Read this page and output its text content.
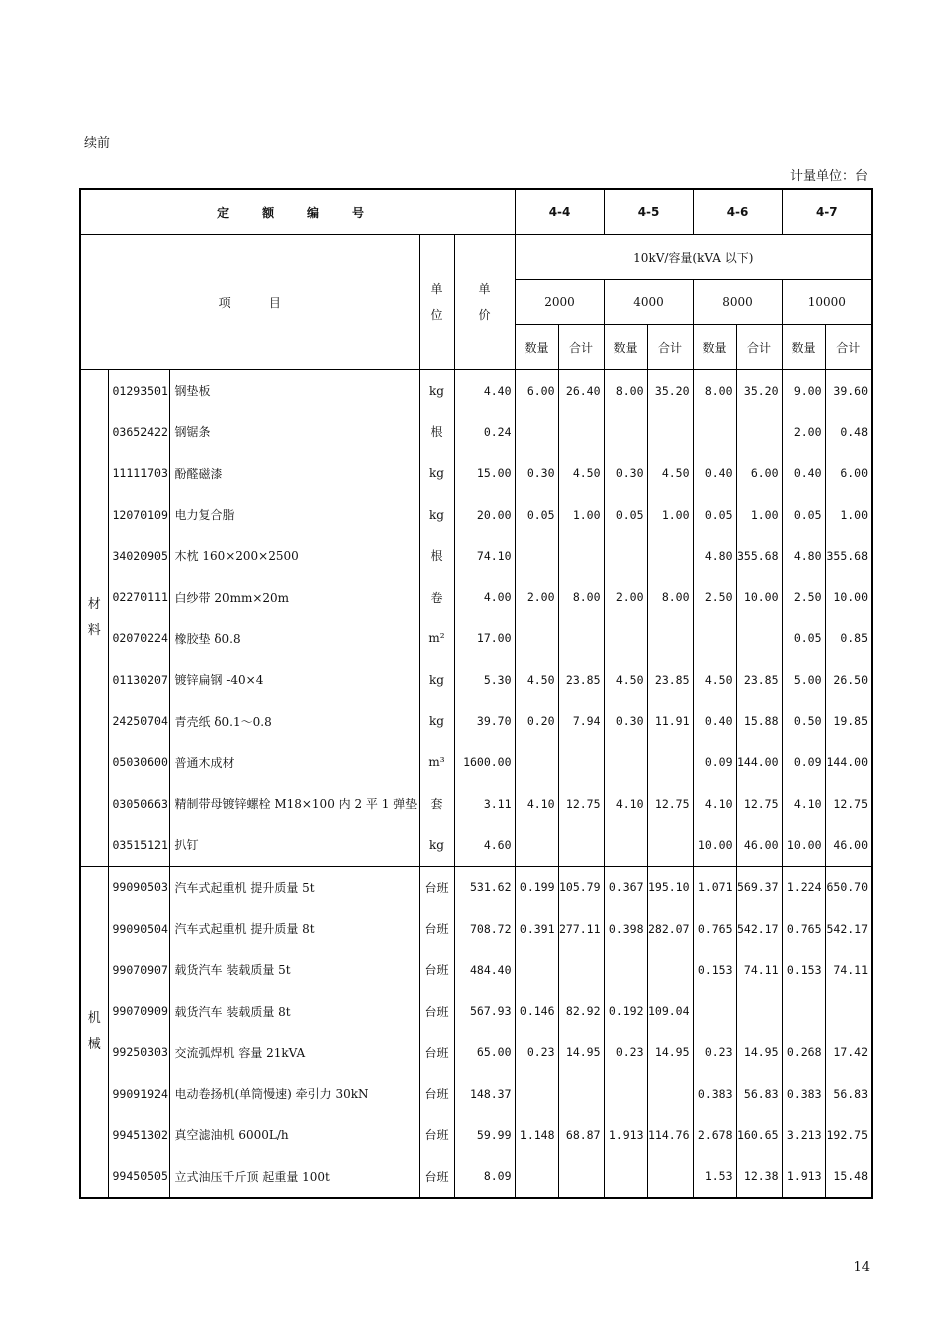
续前
计量单位：台
定 额 编 号					4-4		4-5		4-6		4-7	
项          目			单位	单价	10kV/容量(kVA 以下)							
					2000		4000		8000		10000	
					数量	合计	数量	合计	数量	合计	数量	合计

材料	01293501	钢垫板	kg	4.40	6.00	26.40	8.00	35.20	8.00	35.20	9.00	39.60
	03652422	钢锯条	根	0.24							2.00	0.48
	11111703	酚醛磁漆	kg	15.00	0.30	4.50	0.30	4.50	0.40	6.00	0.40	6.00
	12070109	电力复合脂	kg	20.00	0.05	1.00	0.05	1.00	0.05	1.00	0.05	1.00
	34020905	木枕 160×200×2500	根	74.10					4.80	355.68	4.80	355.68
	02270111	白纱带 20mm×20m	卷	4.00	2.00	8.00	2.00	8.00	2.50	10.00	2.50	10.00
	02070224	橡胶垫 δ0.8	m²	17.00							0.05	0.85
	01130207	镀锌扁钢 -40×4	kg	5.30	4.50	23.85	4.50	23.85	4.50	23.85	5.00	26.50
	24250704	青壳纸 δ0.1～0.8	kg	39.70	0.20	7.94	0.30	11.91	0.40	15.88	0.50	19.85
	05030600	普通木成材	m³	1600.00					0.09	144.00	0.09	144.00
	03050663	精制带母镀锌螺栓 M18×100 内 2 平 1 弹垫	套	3.11	4.10	12.75	4.10	12.75	4.10	12.75	4.10	12.75
	03515121	扒钉	kg	4.60					10.00	46.00	10.00	46.00

机械	99090503	汽车式起重机 提升质量 5t	台班	531.62	0.199	105.79	0.367	195.10	1.071	569.37	1.224	650.70
	99090504	汽车式起重机 提升质量 8t	台班	708.72	0.391	277.11	0.398	282.07	0.765	542.17	0.765	542.17
	99070907	载货汽车 装载质量 5t	台班	484.40					0.153	74.11	0.153	74.11
	99070909	载货汽车 装载质量 8t	台班	567.93	0.146	82.92	0.192	109.04				
	99250303	交流弧焊机 容量 21kVA	台班	65.00	0.23	14.95	0.23	14.95	0.23	14.95	0.268	17.42
	99091924	电动卷扬机(单筒慢速) 牵引力 30kN	台班	148.37					0.383	56.83	0.383	56.83
	99451302	真空滤油机 6000L/h	台班	59.99	1.148	68.87	1.913	114.76	2.678	160.65	3.213	192.75
	99450505	立式油压千斤顶 起重量 100t	台班	8.09					1.53	12.38	1.913	15.48
14
